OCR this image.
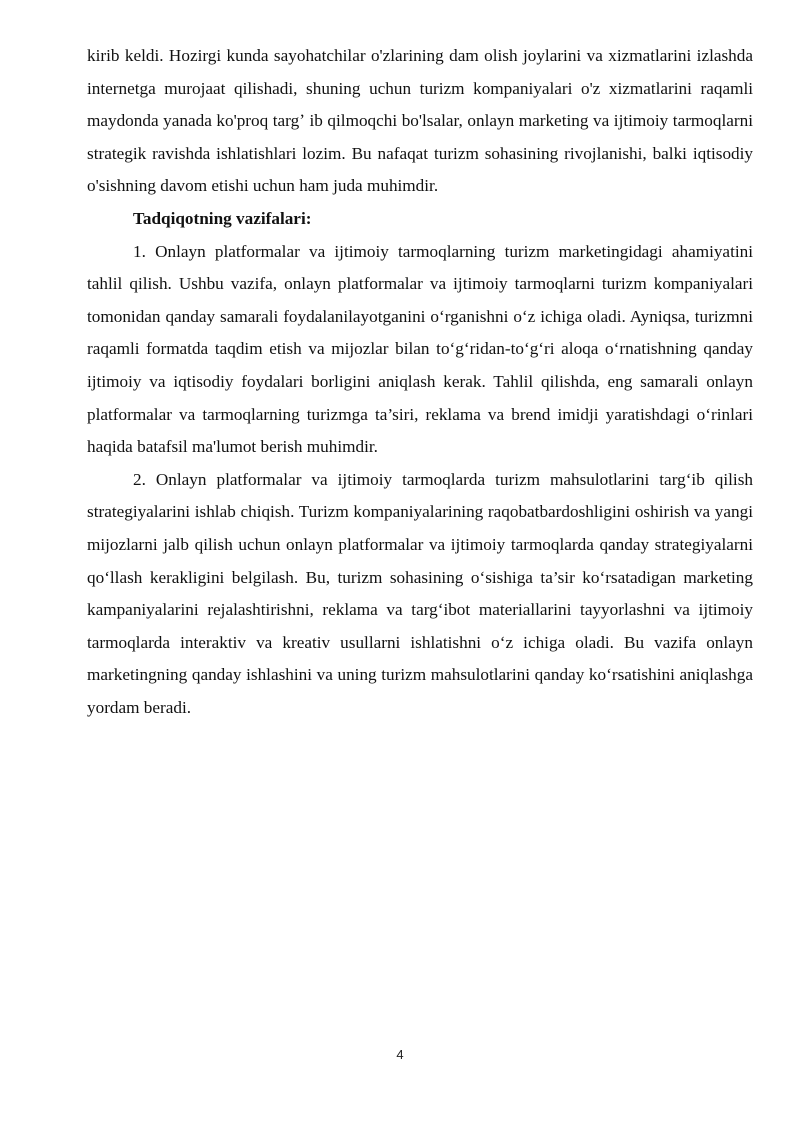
kirib keldi. Hozirgi kunda sayohatchilar o'zlarining dam olish joylarini va xizmatlarini izlashda internetga murojaat qilishadi, shuning uchun turizm kompaniyalari o'z xizmatlarini raqamli maydonda yanada ko'proq targʼ ib qilmoqchi bo'lsalar, onlayn marketing va ijtimoiy tarmoqlarni strategik ravishda ishlatishlari lozim. Bu nafaqat turizm sohasining rivojlanishi, balki iqtisodiy o'sishning davom etishi uchun ham juda muhimdir.

Tadqiqotning vazifalari:

1. Onlayn platformalar va ijtimoiy tarmoqlarning turizm marketingidagi ahamiyatini tahlil qilish. Ushbu vazifa, onlayn platformalar va ijtimoiy tarmoqlarni turizm kompaniyalari tomonidan qanday samarali foydalanilayotganini o‘rganishni o‘z ichiga oladi. Ayniqsa, turizmni raqamli formatda taqdim etish va mijozlar bilan to‘g‘ridan-to‘g‘ri aloqa o‘rnatishning qanday ijtimoiy va iqtisodiy foydalari borligini aniqlash kerak. Tahlil qilishda, eng samarali onlayn platformalar va tarmoqlarning turizmga ta’siri, reklama va brend imidji yaratishdagi o‘rinlari haqida batafsil ma'lumot berish muhimdir.

2. Onlayn platformalar va ijtimoiy tarmoqlarda turizm mahsulotlarini targ‘ib qilish strategiyalarini ishlab chiqish. Turizm kompaniyalarining raqobatbardoshligini oshirish va yangi mijozlarni jalb qilish uchun onlayn platformalar va ijtimoiy tarmoqlarda qanday strategiyalarni qo‘llash kerakligini belgilash. Bu, turizm sohasining o‘sishiga ta’sir ko‘rsatadigan marketing kampaniyalarini rejalashtirishni, reklama va targ‘ibot materiallarini tayyorlashni va ijtimoiy tarmoqlarda interaktiv va kreativ usullarni ishlatishni o‘z ichiga oladi. Bu vazifa onlayn marketingning qanday ishlashini va uning turizm mahsulotlarini qanday ko‘rsatishini aniqlashga yordam beradi.

4
